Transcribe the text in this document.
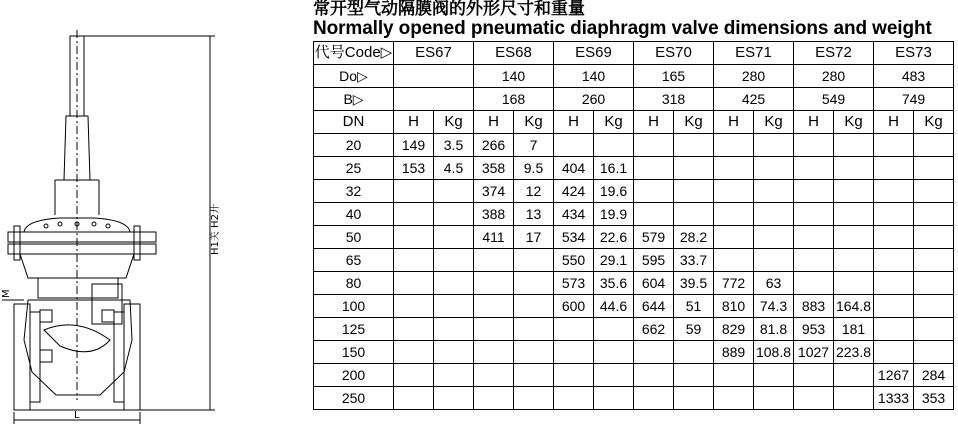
H1关 H2开
M
L
常开型气动隔膜阀的外形尺寸和重量
Normally opened pneumatic diaphragm valve dimensions and weight
代号Code▷	ES67		ES68		ES69		ES70		ES71		ES72		ES73	
Do▷			140		140		165		280		280		483	
B▷			168		260		318		425		549		749	
DN	H	Kg	H	Kg	H	Kg	H	Kg	H	Kg	H	Kg	H	Kg
20	149	3.5	266	7										
25	153	4.5	358	9.5	404	16.1								
32			374	12	424	19.6								
40			388	13	434	19.9								
50			411	17	534	22.6	579	28.2						
65					550	29.1	595	33.7						
80					573	35.6	604	39.5	772	63				
100					600	44.6	644	51	810	74.3	883	164.8		
125							662	59	829	81.8	953	181		
150									889	108.8	1027	223.8		
200													1267	284
250													1333	353
